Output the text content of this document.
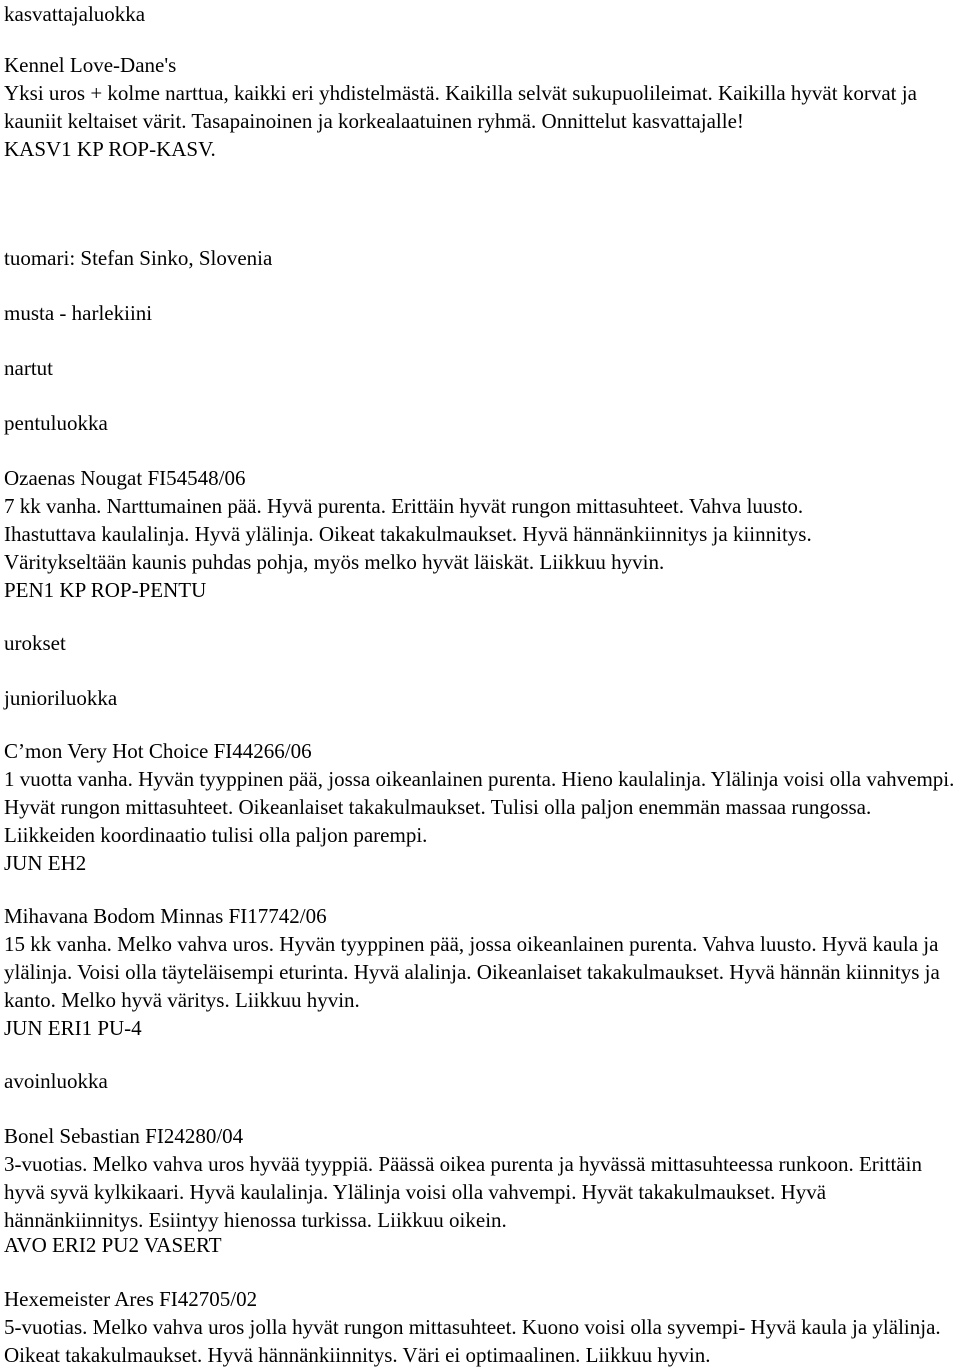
kasvattajaluokka
Kennel Love-Dane's
Yksi uros + kolme narttua, kaikki eri yhdistelmästä. Kaikilla selvät sukupuolileimat. Kaikilla hyvät korvat ja kauniit keltaiset värit. Tasapainoinen ja korkealaatuinen ryhmä. Onnittelut kasvattajalle!
KASV1 KP ROP-KASV.
tuomari: Stefan Sinko, Slovenia
musta - harlekiini
nartut
pentuluokka
Ozaenas Nougat FI54548/06
7 kk vanha. Narttumainen pää. Hyvä purenta. Erittäin hyvät rungon mittasuhteet. Vahva luusto.
Ihastuttava kaulalinja. Hyvä ylälinja. Oikeat takakulmaukset. Hyvä hännänkiinnitys ja kiinnitys.
Väritykseltään kaunis puhdas pohja, myös melko hyvät läiskät. Liikkuu hyvin.
PEN1 KP ROP-PENTU
urokset
junioriluokka
C’mon Very Hot Choice FI44266/06
1 vuotta vanha. Hyvän tyyppinen pää, jossa oikeanlainen purenta. Hieno kaulalinja. Ylälinja voisi olla vahvempi. Hyvät rungon mittasuhteet. Oikeanlaiset takakulmaukset. Tulisi olla paljon enemmän massaa rungossa. Liikkeiden koordinaatio tulisi olla paljon parempi.
JUN EH2
Mihavana Bodom Minnas FI17742/06
15 kk vanha. Melko vahva uros. Hyvän tyyppinen pää, jossa oikeanlainen purenta. Vahva luusto. Hyvä kaula ja ylälinja. Voisi olla täyteläisempi eturinta. Hyvä alalinja. Oikeanlaiset takakulmaukset. Hyvä hännän kiinnitys ja kanto. Melko hyvä väritys. Liikkuu hyvin.
JUN ERI1 PU-4
avoinluokka
Bonel Sebastian FI24280/04
3-vuotias. Melko vahva uros hyvää tyyppiä. Päässä oikea purenta ja hyvässä mittasuhteessa runkoon. Erittäin hyvä syvä kylkikaari. Hyvä kaulalinja. Ylälinja voisi olla vahvempi. Hyvät takakulmaukset. Hyvä hännänkiinnitys. Esiintyy hienossa turkissa. Liikkuu oikein.
AVO ERI2 PU2 VASERT
Hexemeister Ares FI42705/02
5-vuotias. Melko vahva uros jolla hyvät rungon mittasuhteet. Kuono voisi olla syvempi- Hyvä kaula ja ylälinja. Oikeat takakulmaukset. Hyvä hännänkiinnitys. Väri ei optimaalinen. Liikkuu hyvin.
